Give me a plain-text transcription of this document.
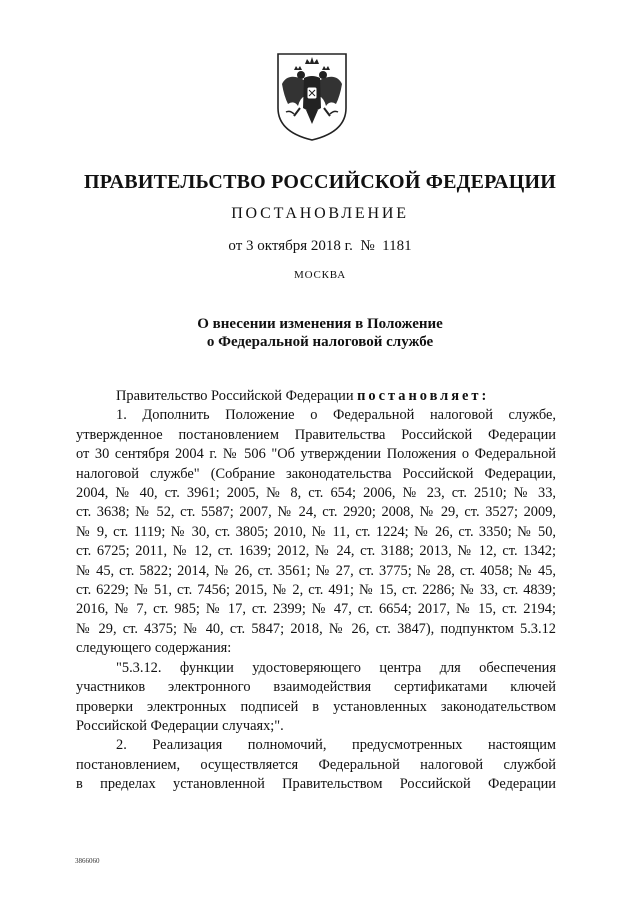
ПРАВИТЕЛЬСТВО РОССИЙСКОЙ ФЕДЕРАЦИИ
ПОСТАНОВЛЕНИЕ
от 3 октября 2018 г.  №  1181
МОСКВА
О внесении изменения в Положение
о Федеральной налоговой службе

Правительство Российской Федерации постановляет:

1. Дополнить Положение о Федеральной налоговой службе,

утвержденное постановлением Правительства Российской Федерации

от 30 сентября 2004 г. № 506 "Об утверждении Положения о Федеральной

налоговой службе" (Собрание законодательства Российской Федерации,

2004, № 40, ст. 3961; 2005, № 8, ст. 654; 2006, № 23, ст. 2510; № 33,

ст. 3638; № 52, ст. 5587; 2007, № 24, ст. 2920; 2008, № 29, ст. 3527; 2009,

№ 9, ст. 1119; № 30, ст. 3805; 2010, № 11, ст. 1224; № 26, ст. 3350; № 50,

ст. 6725; 2011, № 12, ст. 1639; 2012, № 24, ст. 3188; 2013, № 12, ст. 1342;

№ 45, ст. 5822; 2014, № 26, ст. 3561; № 27, ст. 3775; № 28, ст. 4058; № 45,

ст. 6229; № 51, ст. 7456; 2015, № 2, ст. 491; № 15, ст. 2286; № 33, ст. 4839;

2016, № 7, ст. 985; № 17, ст. 2399; № 47, ст. 6654; 2017, № 15, ст. 2194;

№ 29, ст. 4375; № 40, ст. 5847; 2018, № 26, ст. 3847), подпунктом 5.3.12

следующего содержания:

"5.3.12. функции удостоверяющего центра для обеспечения

участников электронного взаимодействия сертификатами ключей

проверки электронных подписей в установленных законодательством

Российской Федерации случаях;".

2. Реализация полномочий, предусмотренных настоящим

постановлением, осуществляется Федеральной налоговой службой

в пределах установленной Правительством Российской Федерации

3866060
